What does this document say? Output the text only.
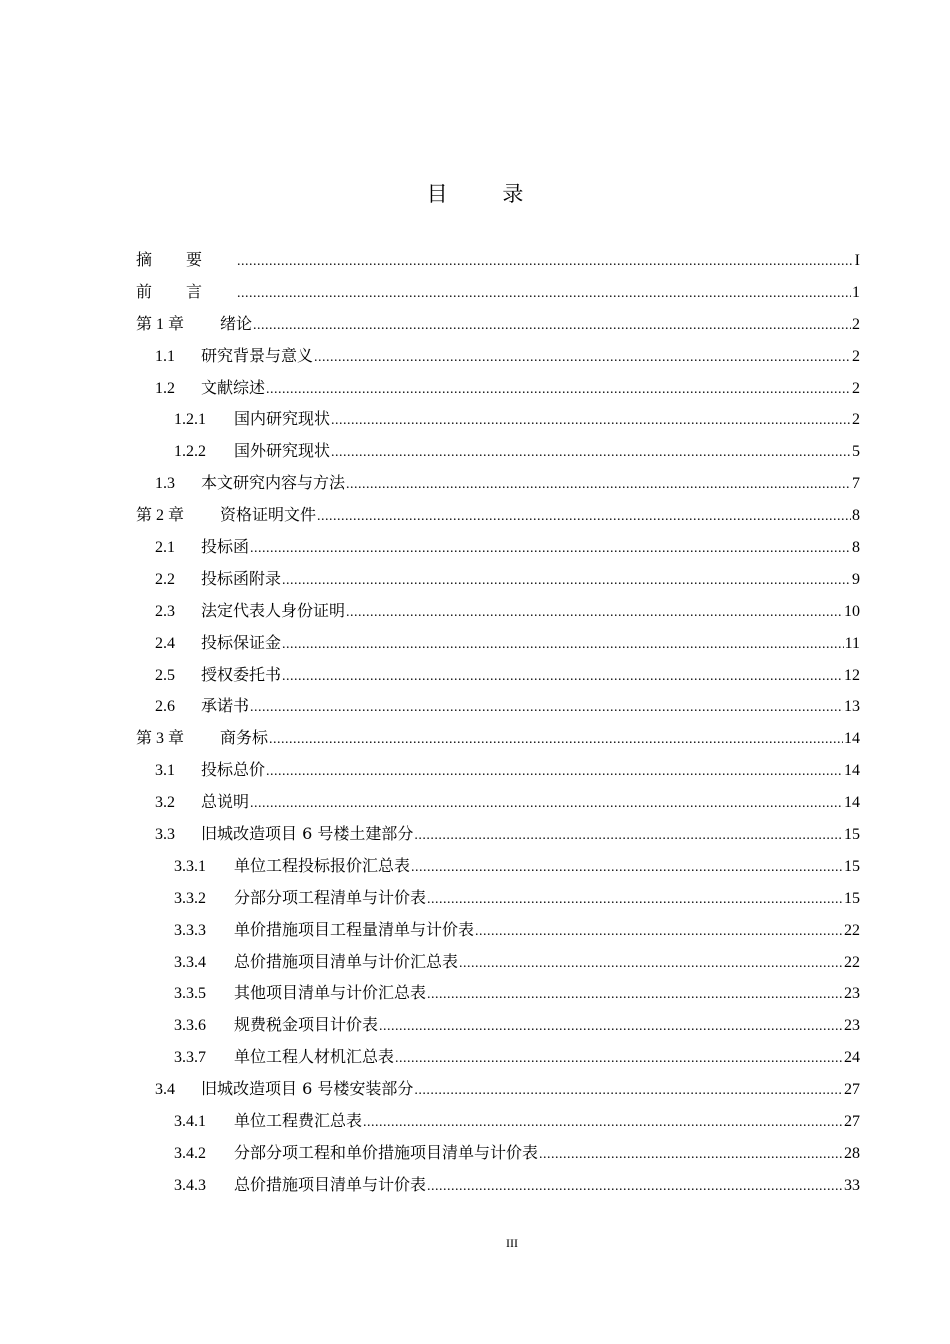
目 录
摘要 .....	I
前言 .....	1
第 1 章	绪论 .....	2
1.1	研究背景与意义 .....	2
1.2	文献综述 .....	2
1.2.1	国内研究现状 .....	2
1.2.2	国外研究现状 .....	5
1.3	本文研究内容与方法 .....	7
第 2 章	资格证明文件 .....	8
2.1	投标函 .....	8
2.2	投标函附录 .....	9
2.3	法定代表人身份证明 .....	10
2.4	投标保证金 .....	11
2.5	授权委托书 .....	12
2.6	承诺书 .....	13
第 3 章	商务标 .....	14
3.1	投标总价 .....	14
3.2	总说明 .....	14
3.3	旧城改造项目 6 号楼土建部分 .....	15
3.3.1	单位工程投标报价汇总表 .....	15
3.3.2	分部分项工程清单与计价表 .....	15
3.3.3	单价措施项目工程量清单与计价表 .....	22
3.3.4	总价措施项目清单与计价汇总表 .....	22
3.3.5	其他项目清单与计价汇总表 .....	23
3.3.6	规费税金项目计价表 .....	23
3.3.7	单位工程人材机汇总表 .....	24
3.4	旧城改造项目 6 号楼安装部分 .....	27
3.4.1	单位工程费汇总表 .....	27
3.4.2	分部分项工程和单价措施项目清单与计价表 .....	28
3.4.3	总价措施项目清单与计价表 .....	33
III
